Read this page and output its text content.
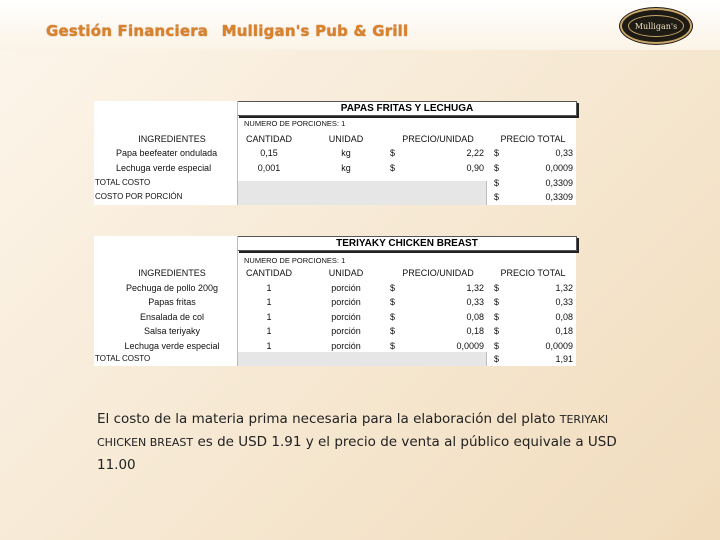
Gestión Financiera Mulligan's Pub & Grill	Mulligan's
PAPAS FRITAS Y LECHUGA
NUMERO DE PORCIONES: 1
INGREDIENTES	CANTIDAD	UNIDAD	PRECIO/UNIDAD	PRECIO TOTAL
Papa beefeater ondulada	0,15	kg	$	2,22 $	0,33
Lechuga verde especial	0,001	kg	$	0,90 $	0,0009
TOTAL COSTO	$	0,3309
COSTO POR PORCIÓN	$	0,3309
TERIYAKY CHICKEN BREAST
NUMERO DE PORCIONES: 1
INGREDIENTES	CANTIDAD	UNIDAD	PRECIO/UNIDAD	PRECIO TOTAL
Pechuga de pollo 200g	1	porción	$	1,32 $	1,32
Papas fritas	1	porción	$	0,33 $	0,33
Ensalada de col	1	porción	$	0,08 $	0,08
Salsa teriyaky	1	porción	$	0,18 $	0,18
Lechuga verde especial	1	porción	$	0,0009 $	0,0009
TOTAL COSTO	$	1,91
El costo de la materia prima necesaria para la elaboración del plato TERIYAKI CHICKEN BREAST es de USD 1.91 y el precio de venta al público equivale a USD 11.00
